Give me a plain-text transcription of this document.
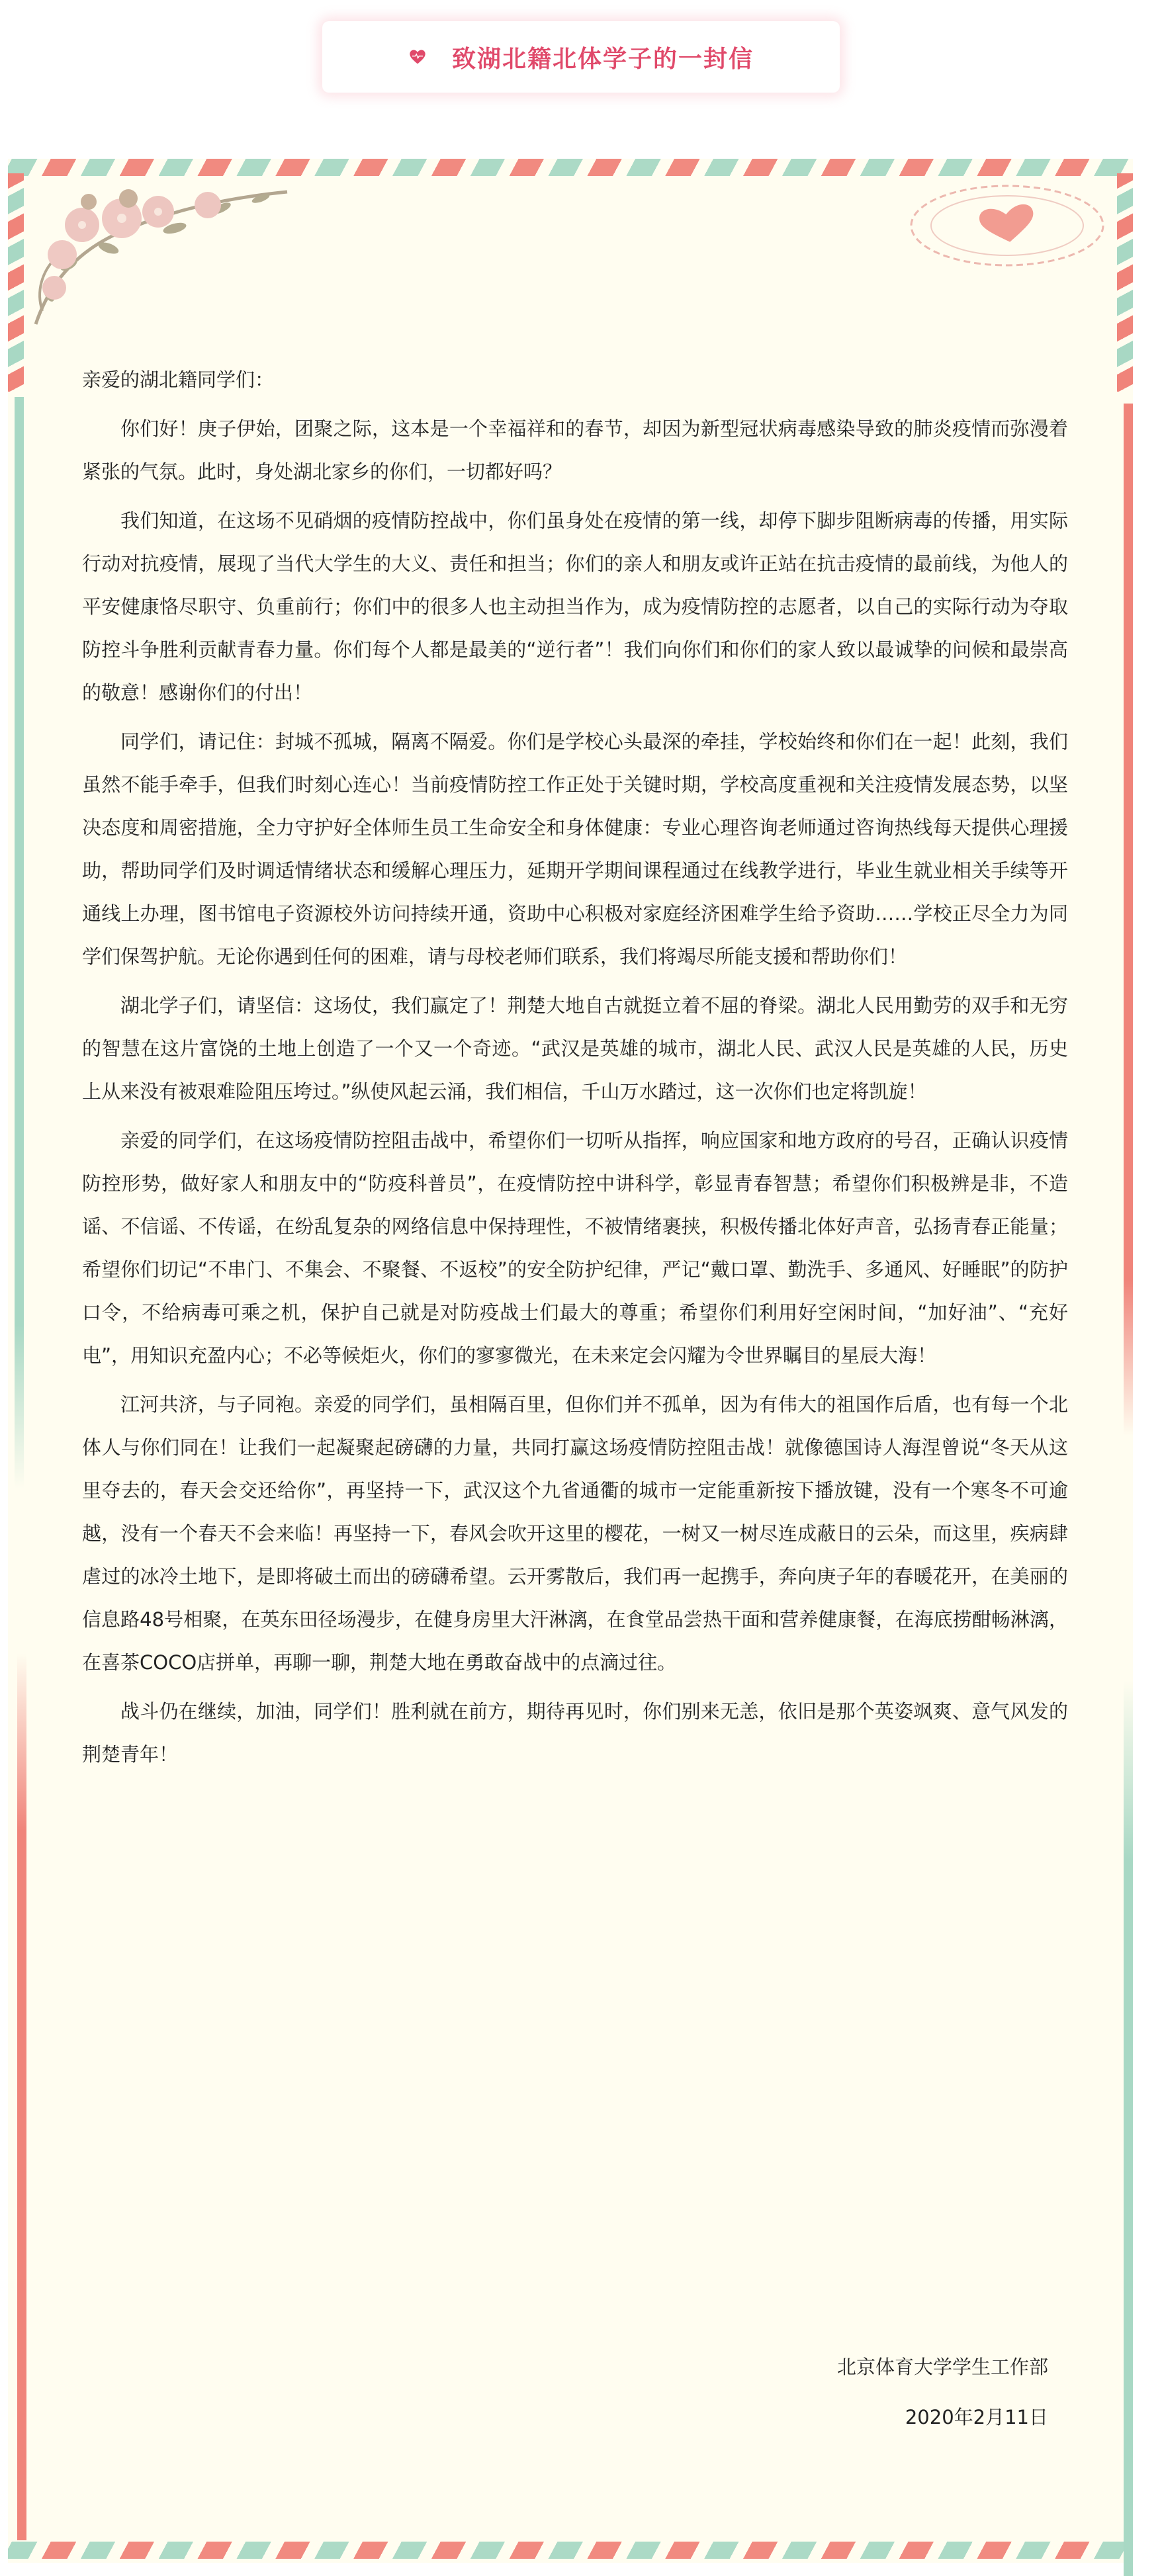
致湖北籍北体学子的一封信
亲爱的湖北籍同学们：

你们好！庚子伊始，团聚之际，这本是一个幸福祥和的春节，却因为新型冠状病毒感染导致的肺炎疫情而弥漫着紧张的气氛。此时，身处湖北家乡的你们，一切都好吗？

我们知道，在这场不见硝烟的疫情防控战中，你们虽身处在疫情的第一线，却停下脚步阻断病毒的传播，用实际行动对抗疫情，展现了当代大学生的大义、责任和担当；你们的亲人和朋友或许正站在抗击疫情的最前线，为他人的平安健康恪尽职守、负重前行；你们中的很多人也主动担当作为，成为疫情防控的志愿者，以自己的实际行动为夺取防控斗争胜利贡献青春力量。你们每个人都是最美的“逆行者”！我们向你们和你们的家人致以最诚挚的问候和最崇高的敬意！感谢你们的付出！

同学们，请记住：封城不孤城，隔离不隔爱。你们是学校心头最深的牵挂，学校始终和你们在一起！此刻，我们虽然不能手牵手，但我们时刻心连心！当前疫情防控工作正处于关键时期，学校高度重视和关注疫情发展态势，以坚决态度和周密措施，全力守护好全体师生员工生命安全和身体健康：专业心理咨询老师通过咨询热线每天提供心理援助，帮助同学们及时调适情绪状态和缓解心理压力，延期开学期间课程通过在线教学进行，毕业生就业相关手续等开通线上办理，图书馆电子资源校外访问持续开通，资助中心积极对家庭经济困难学生给予资助……学校正尽全力为同学们保驾护航。无论你遇到任何的困难，请与母校老师们联系，我们将竭尽所能支援和帮助你们！

湖北学子们，请坚信：这场仗，我们赢定了！荆楚大地自古就挺立着不屈的脊梁。湖北人民用勤劳的双手和无穷的智慧在这片富饶的土地上创造了一个又一个奇迹。“武汉是英雄的城市，湖北人民、武汉人民是英雄的人民，历史上从来没有被艰难险阻压垮过。”纵使风起云涌，我们相信，千山万水踏过，这一次你们也定将凯旋！

亲爱的同学们，在这场疫情防控阻击战中，希望你们一切听从指挥，响应国家和地方政府的号召，正确认识疫情防控形势，做好家人和朋友中的“防疫科普员”，在疫情防控中讲科学，彰显青春智慧；希望你们积极辨是非，不造谣、不信谣、不传谣，在纷乱复杂的网络信息中保持理性，不被情绪裹挟，积极传播北体好声音，弘扬青春正能量；希望你们切记“不串门、不集会、不聚餐、不返校”的安全防护纪律，严记“戴口罩、勤洗手、多通风、好睡眠”的防护口令，不给病毒可乘之机，保护自己就是对防疫战士们最大的尊重；希望你们利用好空闲时间，“加好油”、“充好电”，用知识充盈内心；不必等候炬火，你们的寥寥微光，在未来定会闪耀为令世界瞩目的星辰大海！

江河共济，与子同袍。亲爱的同学们，虽相隔百里，但你们并不孤单，因为有伟大的祖国作后盾，也有每一个北体人与你们同在！让我们一起凝聚起磅礴的力量，共同打赢这场疫情防控阻击战！就像德国诗人海涅曾说“冬天从这里夺去的，春天会交还给你”，再坚持一下，武汉这个九省通衢的城市一定能重新按下播放键，没有一个寒冬不可逾越，没有一个春天不会来临！再坚持一下，春风会吹开这里的樱花，一树又一树尽连成蔽日的云朵，而这里，疾病肆虐过的冰冷土地下，是即将破土而出的磅礴希望。云开雾散后，我们再一起携手，奔向庚子年的春暖花开，在美丽的信息路48号相聚，在英东田径场漫步，在健身房里大汗淋漓，在食堂品尝热干面和营养健康餐，在海底捞酣畅淋漓，在喜茶COCO店拼单，再聊一聊，荆楚大地在勇敢奋战中的点滴过往。

战斗仍在继续，加油，同学们！胜利就在前方，期待再见时，你们别来无恙，依旧是那个英姿飒爽、意气风发的荆楚青年！

北京体育大学学生工作部
2020年2月11日
